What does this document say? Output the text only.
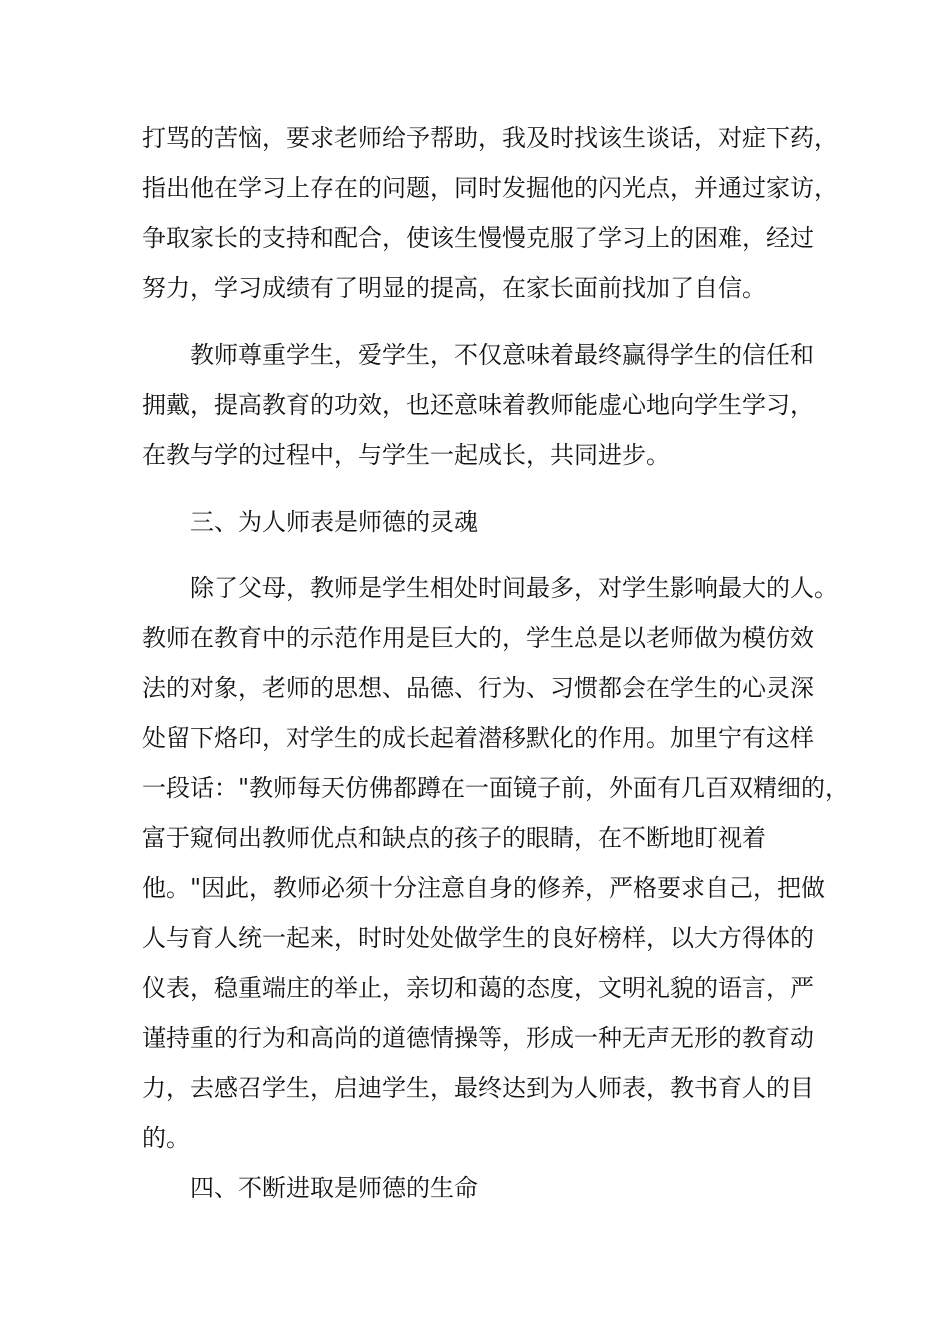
打骂的苦恼，要求老师给予帮助，我及时找该生谈话，对症下药，
指出他在学习上存在的问题，同时发掘他的闪光点，并通过家访，
争取家长的支持和配合，使该生慢慢克服了学习上的困难，经过
努力，学习成绩有了明显的提高，在家长面前找加了自信。
教师尊重学生，爱学生，不仅意味着最终赢得学生的信任和
拥戴，提高教育的功效，也还意味着教师能虚心地向学生学习，
在教与学的过程中，与学生一起成长，共同进步。
三、为人师表是师德的灵魂
除了父母，教师是学生相处时间最多，对学生影响最大的人。
教师在教育中的示范作用是巨大的，学生总是以老师做为模仿效
法的对象，老师的思想、品德、行为、习惯都会在学生的心灵深
处留下烙印，对学生的成长起着潜移默化的作用。加里宁有这样
一段话："教师每天仿佛都蹲在一面镜子前，外面有几百双精细的，
富于窥伺出教师优点和缺点的孩子的眼睛，在不断地盯视着
他。"因此，教师必须十分注意自身的修养，严格要求自己，把做
人与育人统一起来，时时处处做学生的良好榜样，以大方得体的
仪表，稳重端庄的举止，亲切和蔼的态度，文明礼貌的语言，严
谨持重的行为和高尚的道德情操等，形成一种无声无形的教育动
力，去感召学生，启迪学生，最终达到为人师表，教书育人的目
的。
四、不断进取是师德的生命
